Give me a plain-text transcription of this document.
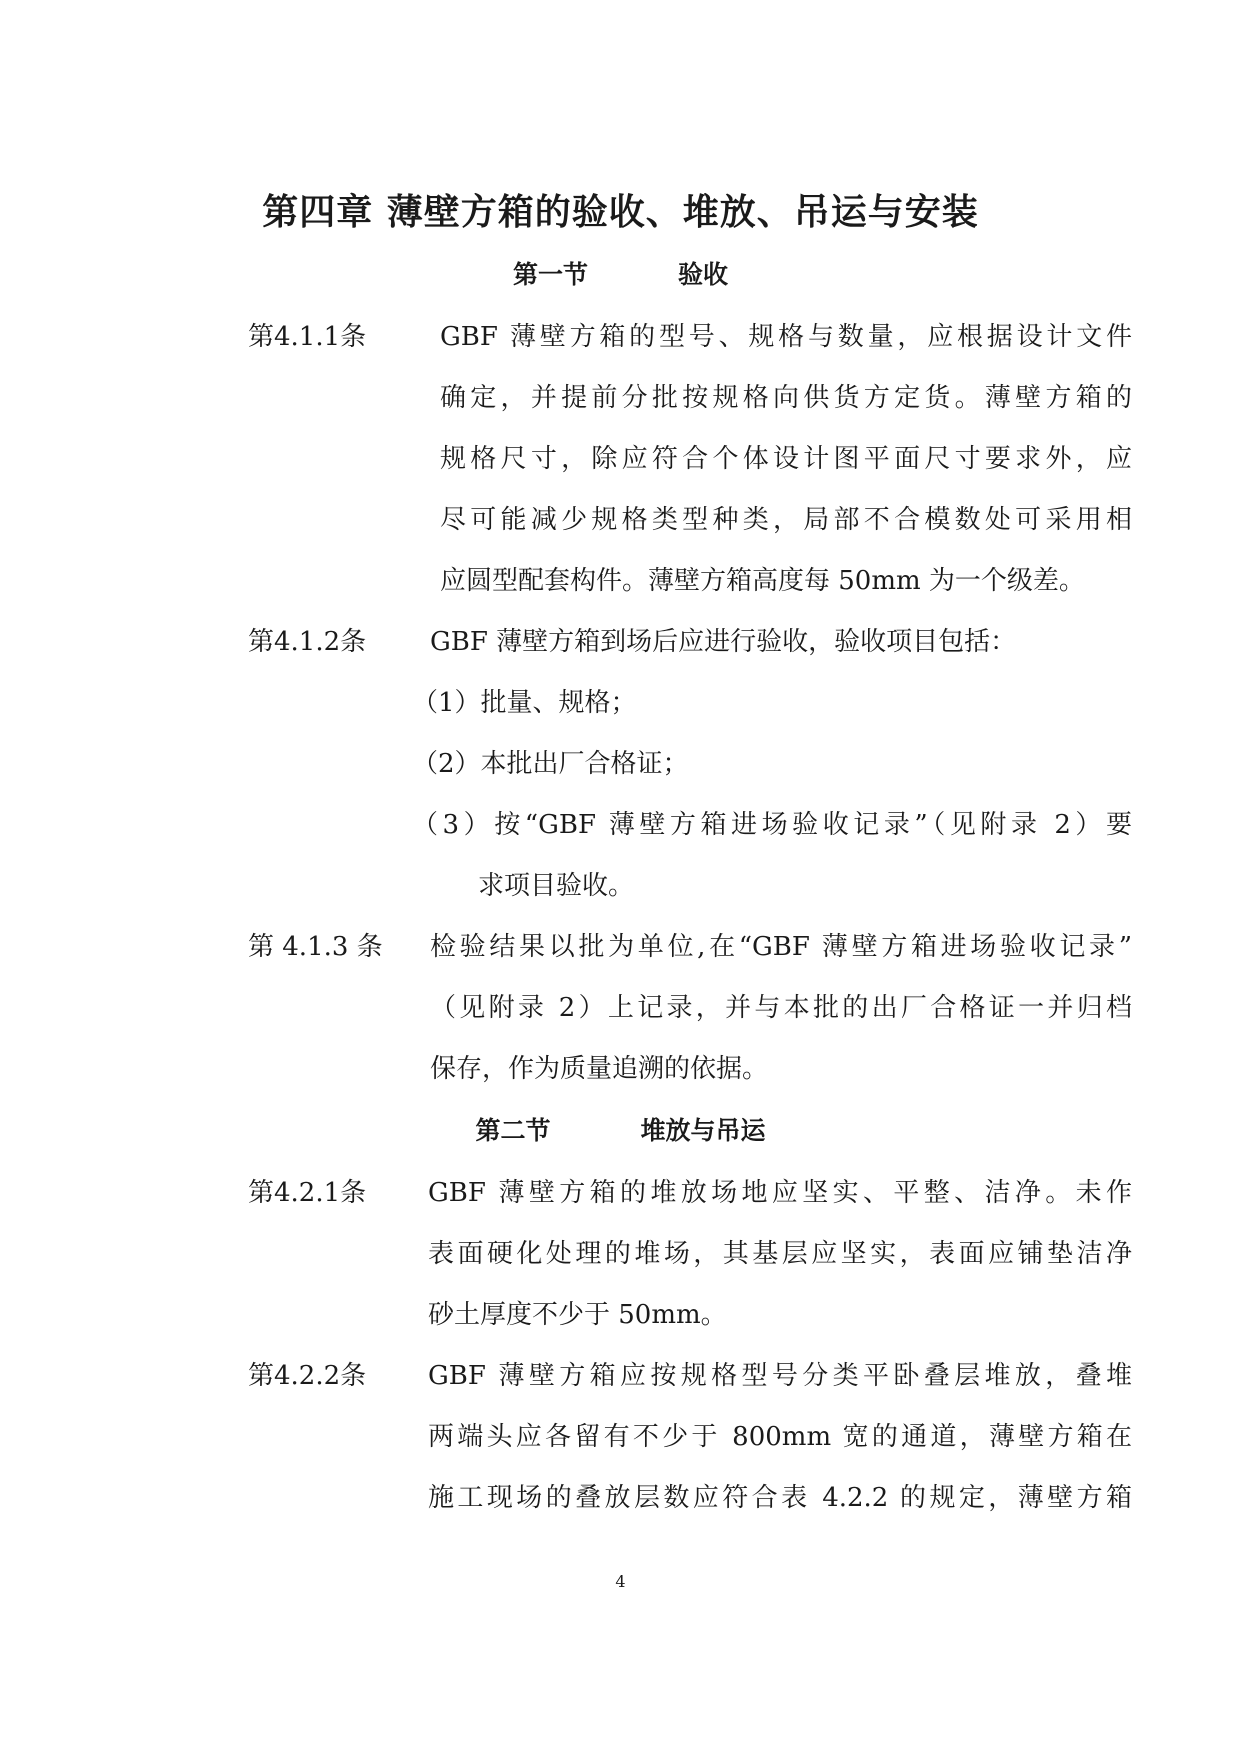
第四章 薄壁方箱的验收、堆放、吊运与安装
第一节	验收
第4.1.1条	GBF 薄壁方箱的型号、规格与数量，应根据设计文件
确定，并提前分批按规格向供货方定货。薄壁方箱的
规格尺寸，除应符合个体设计图平面尺寸要求外，应
尽可能减少规格类型种类，局部不合模数处可采用相
应圆型配套构件。薄壁方箱高度每 50mm 为一个级差。
第4.1.2条 GBF 薄壁方箱到场后应进行验收，验收项目包括：
（1）批量、规格；
（2）本批出厂合格证；
（3）按“GBF 薄壁方箱进场验收记录”（见附录 2）要
求项目验收。
第 4.1.3 条 检验结果以批为单位,在“GBF 薄壁方箱进场验收记录”
（见附录 2）上记录，并与本批的出厂合格证一并归档
保存，作为质量追溯的依据。
第二节	堆放与吊运
第4.2.1条 GBF 薄壁方箱的堆放场地应坚实、平整、洁净。未作
表面硬化处理的堆场，其基层应坚实，表面应铺垫洁净
砂土厚度不少于 50mm。
第4.2.2条 GBF 薄壁方箱应按规格型号分类平卧叠层堆放，叠堆
两端头应各留有不少于 800mm 宽的通道，薄壁方箱在
施工现场的叠放层数应符合表 4.2.2 的规定，薄壁方箱
4
